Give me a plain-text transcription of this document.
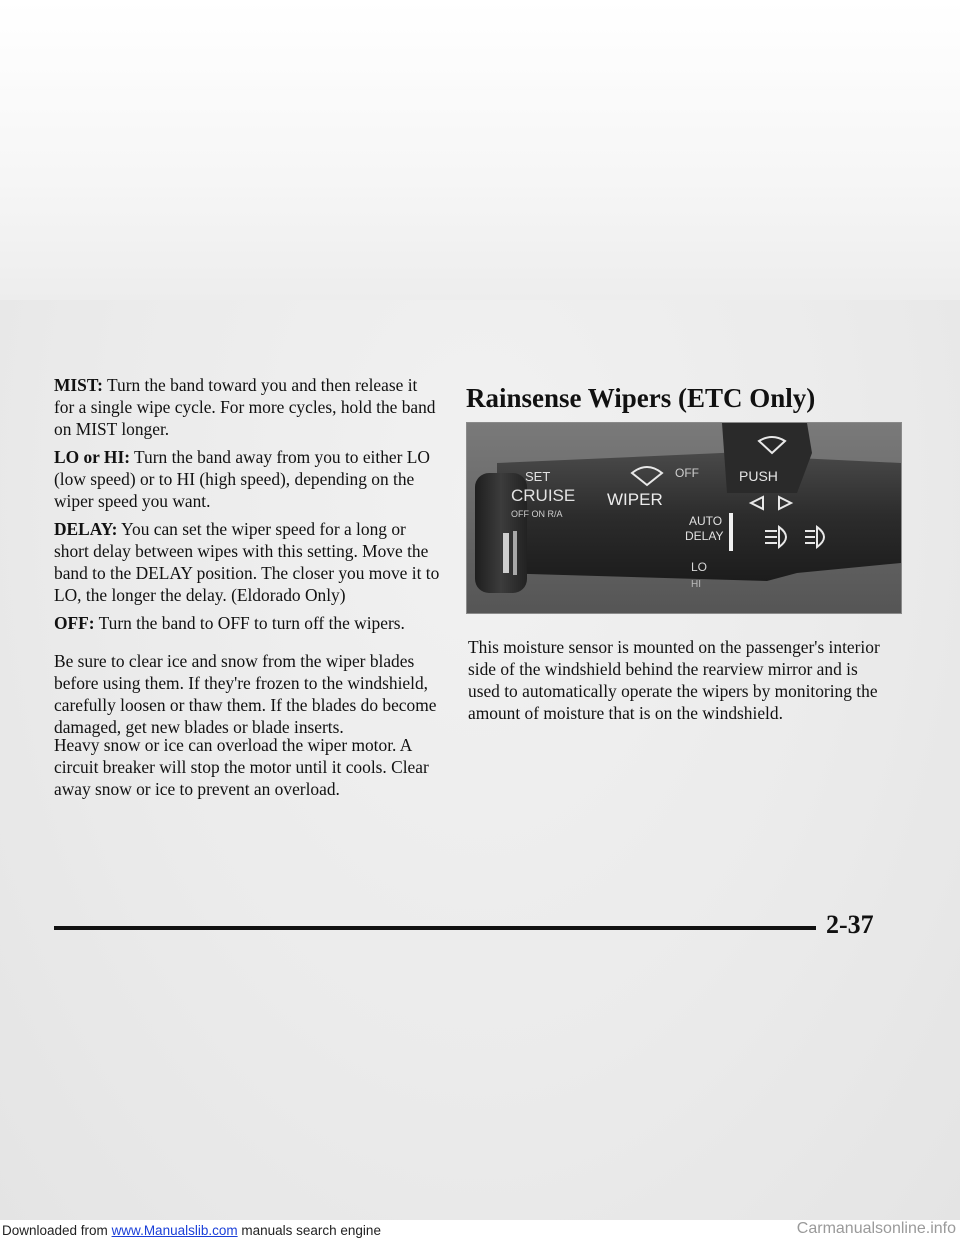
MIST: Turn the band toward you and then release it for a single wipe cycle. For more cycles, hold the band on MIST longer.

LO or HI: Turn the band away from you to either LO (low speed) or to HI (high speed), depending on the wiper speed you want.

DELAY: You can set the wiper speed for a long or short delay between wipes with this setting. Move the band to the DELAY position. The closer you move it to LO, the longer the delay. (Eldorado Only)

OFF: Turn the band to OFF to turn off the wipers.

Be sure to clear ice and snow from the wiper blades before using them. If they're frozen to the windshield, carefully loosen or thaw them. If the blades do become damaged, get new blades or blade inserts.

Heavy snow or ice can overload the wiper motor. A circuit breaker will stop the motor until it cools. Clear away snow or ice to prevent an overload.

Rainsense Wipers (ETC Only)
SET
CRUISE
OFF ON R/A
WIPER
OFF	PUSH
AUTO
DELAY
LO
HI

This moisture sensor is mounted on the passenger's interior side of the windshield behind the rearview mirror and is used to automatically operate the wipers by monitoring the amount of moisture that is on the windshield.

2-37
Downloaded from www.Manualslib.com manuals search engine	Carmanualsonline.info
